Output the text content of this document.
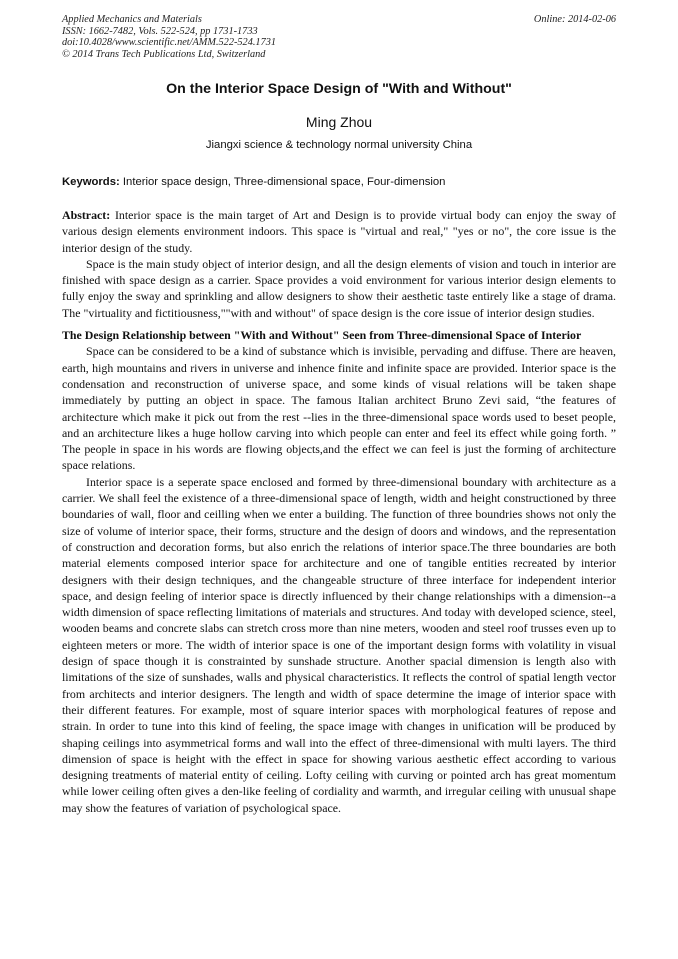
Applied Mechanics and Materials
ISSN: 1662-7482, Vols. 522-524, pp 1731-1733
doi:10.4028/www.scientific.net/AMM.522-524.1731
© 2014 Trans Tech Publications Ltd, Switzerland
Online: 2014-02-06
On the Interior Space Design of "With and Without"
Ming Zhou
Jiangxi science & technology normal university China
Keywords: Interior space design, Three-dimensional space, Four-dimension

Abstract: Interior space is the main target of Art and Design is to provide virtual body can enjoy the sway of various design elements environment indoors. This space is "virtual and real," "yes or no", the core issue is the interior design of the study.

Space is the main study object of interior design, and all the design elements of vision and touch in interior are finished with space design as a carrier. Space provides a void environment for various interior design elements to fully enjoy the sway and sprinkling and allow designers to show their aesthetic taste entirely like a stage of drama. The "virtuality and fictitiousness,""with and without" of space design is the core issue of interior design studies.

The Design Relationship between "With and Without" Seen from Three-dimensional Space of Interior

Space can be considered to be a kind of substance which is invisible, pervading and diffuse. There are heaven, earth, high mountains and rivers in universe and inhence finite and infinite space are provided. Interior space is the condensation and reconstruction of universe space, and some kinds of visual relations will be taken shape immediately by putting an object in space. The famous Italian architect Bruno Zevi said, “the features of architecture which make it pick out from the rest --lies in the three-dimensional space words used to beset people, and an architecture likes a huge hollow carving into which people can enter and feel its effect while going forth. ” The people in space in his words are flowing objects,and the effect we can feel is just the forming of architecture space relations.

Interior space is a seperate space enclosed and formed by three-dimensional boundary with architecture as a carrier. We shall feel the existence of a three-dimensional space of length, width and height constructioned by three boundaries of wall, floor and ceilling when we enter a building. The function of three boundries shows not only the size of volume of interior space, their forms, structure and the design of doors and windows, and the representation of construction and decoration forms, but also enrich the relations of interior space.The three boundaries are both material elements composed interior space for architecture and one of tangible entities recreated by interior designers with their design techniques, and the changeable structure of three interface for independent interior space, and design feeling of interior space is directly influenced by their change relationships with a dimension--a width dimension of space reflecting limitations of materials and structures. And today with developed science, steel, wooden beams and concrete slabs can stretch cross more than nine meters, wooden and steel roof trusses even up to eighteen meters or more. The width of interior space is one of the important design forms with volatility in visual design of space though it is constrainted by sunshade structure. Another spacial dimension is length also with limitations of the size of sunshades, walls and physical characteristics. It reflects the control of spatial length vector from architects and interior designers. The length and width of space determine the image of interior space with their different features. For example, most of square interior spaces with morphological features of repose and strain. In order to tune into this kind of feeling, the space image with changes in unification will be produced by shaping ceilings into asymmetrical forms and wall into the effect of three-dimensional with multi layers. The third dimension of space is height with the effect in space for showing various aesthetic effect according to various designing treatments of material entity of ceiling. Lofty ceiling with curving or pointed arch has great momentum while lower ceiling often gives a den-like feeling of cordiality and warmth, and irregular ceiling with unusual shape may show the features of variation of psychological space.
